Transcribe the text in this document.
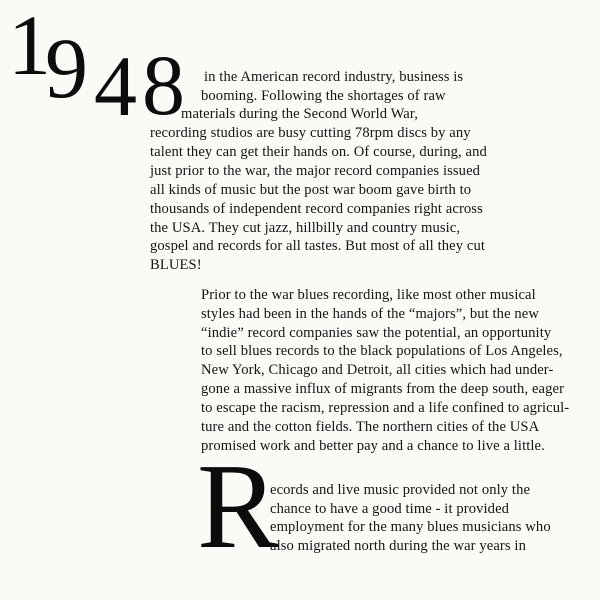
1
9 4 8 in the American record industry, business is
booming. Following the shortages of raw
materials during the Second World War,
recording studios are busy cutting 78rpm discs by any
talent they can get their hands on. Of course, during, and
just prior to the war, the major record companies issued
all kinds of music but the post war boom gave birth to
thousands of independent record companies right across
the USA. They cut jazz, hillbilly and country music,
gospel and records for all tastes. But most of all they cut
BLUES!
Prior to the war blues recording, like most other musical
styles had been in the hands of the “majors”, but the new
“indie” record companies saw the potential, an opportunity
to sell blues records to the black populations of Los Angeles,
New York, Chicago and Detroit, all cities which had under-
gone a massive influx of migrants from the deep south, eager
to escape the racism, repression and a life confined to agricul-
ture and the cotton fields. The northern cities of the USA
promised work and better pay and a chance to live a little.
R
ecords and live music provided not only the
chance to have a good time - it provided
employment for the many blues musicians who
also migrated north during the war years in
